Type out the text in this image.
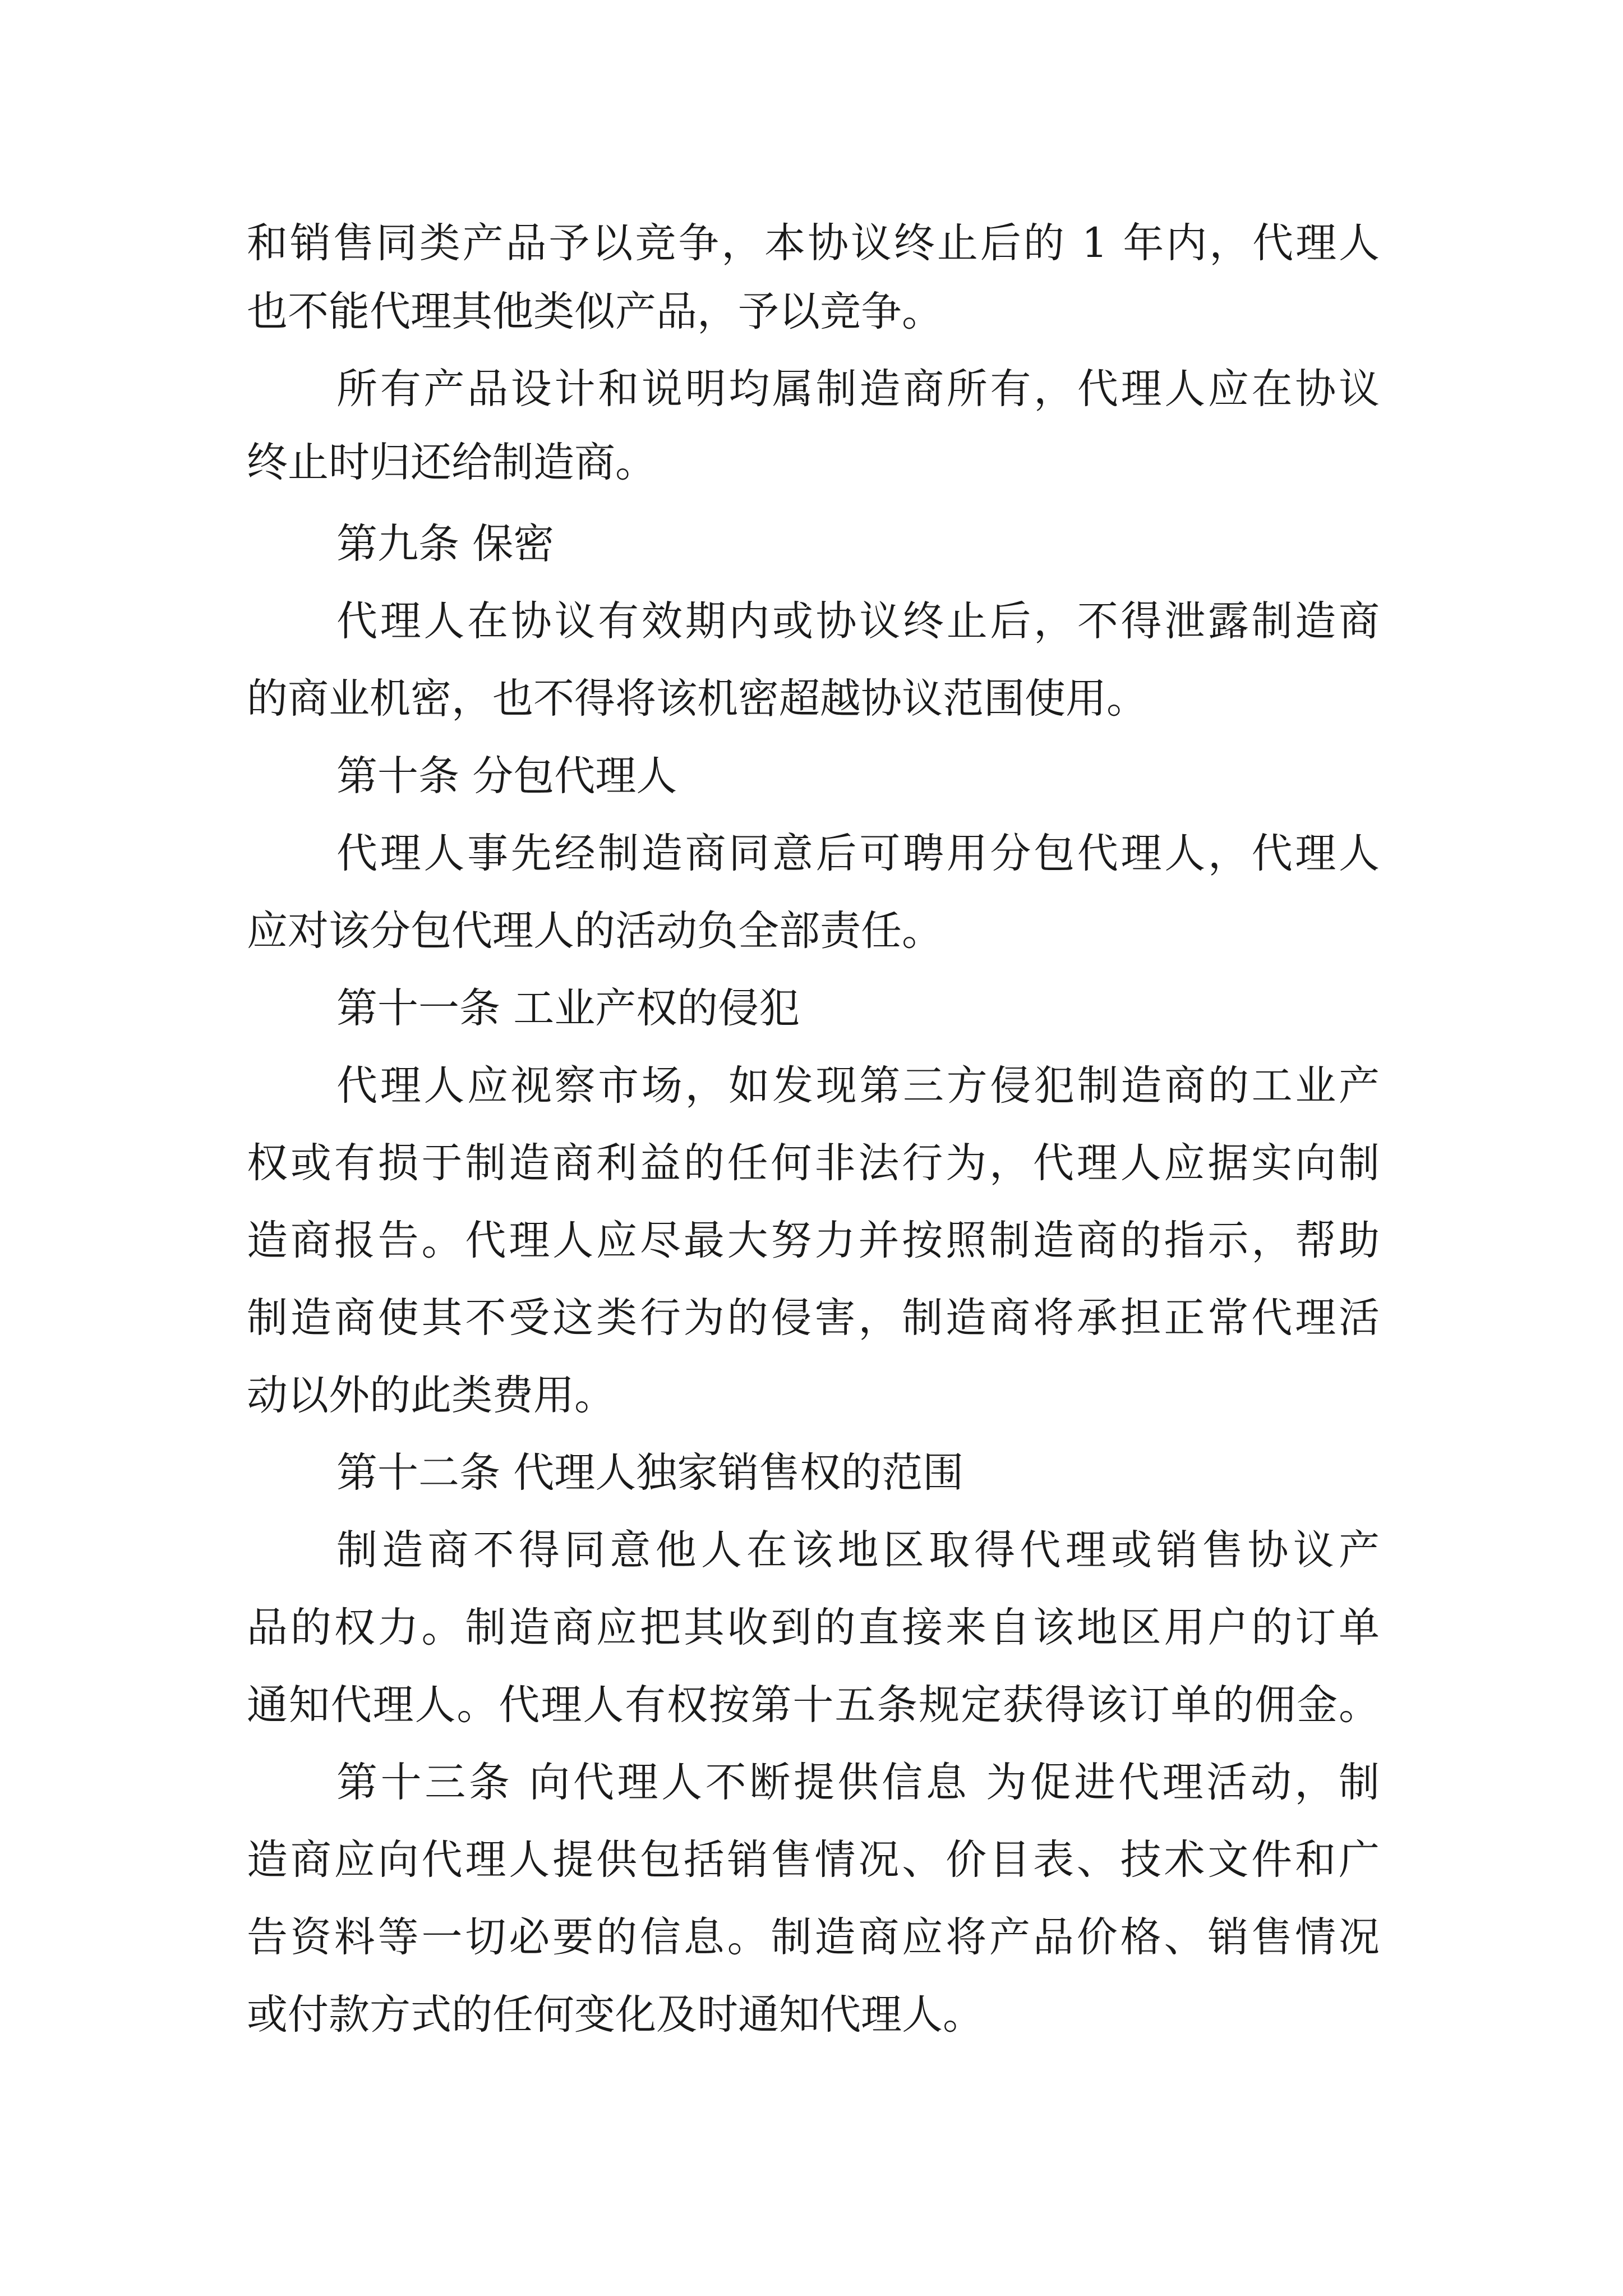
和销售同类产品予以竞争，本协议终止后的 1 年内，代理人
也不能代理其他类似产品，予以竞争。
所有产品设计和说明均属制造商所有，代理人应在协议
终止时归还给制造商。
第九条 保密
代理人在协议有效期内或协议终止后，不得泄露制造商
的商业机密，也不得将该机密超越协议范围使用。
第十条 分包代理人
代理人事先经制造商同意后可聘用分包代理人，代理人
应对该分包代理人的活动负全部责任。
第十一条 工业产权的侵犯
代理人应视察市场，如发现第三方侵犯制造商的工业产
权或有损于制造商利益的任何非法行为，代理人应据实向制
造商报告。代理人应尽最大努力并按照制造商的指示，帮助
制造商使其不受这类行为的侵害，制造商将承担正常代理活
动以外的此类费用。
第十二条 代理人独家销售权的范围
制造商不得同意他人在该地区取得代理或销售协议产
品的权力。制造商应把其收到的直接来自该地区用户的订单
通知代理人。代理人有权按第十五条规定获得该订单的佣金。
第十三条 向代理人不断提供信息 为促进代理活动，制
造商应向代理人提供包括销售情况、价目表、技术文件和广
告资料等一切必要的信息。制造商应将产品价格、销售情况
或付款方式的任何变化及时通知代理人。
